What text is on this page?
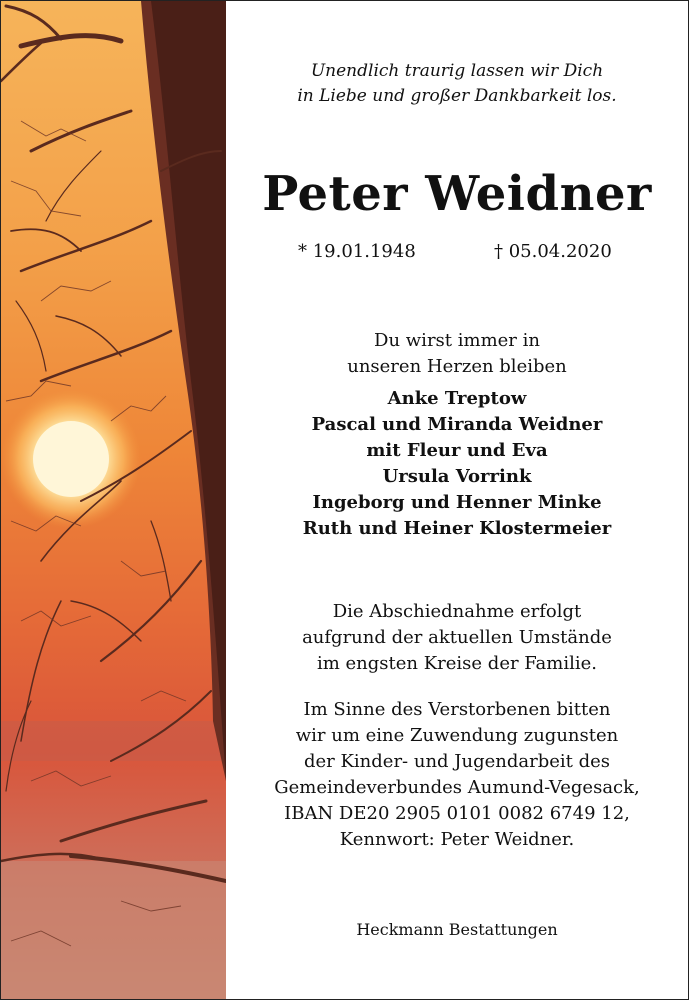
Unendlich traurig lassen wir Dich
in Liebe und großer Dankbarkeit los.
Peter Weidner
* 19.01.1948	† 05.04.2020
Du wirst immer in
unseren Herzen bleiben
Anke Treptow
Pascal und Miranda Weidner
mit Fleur und Eva
Ursula Vorrink
Ingeborg und Henner Minke
Ruth und Heiner Klostermeier
Die Abschiednahme erfolgt
aufgrund der aktuellen Umstände
im engsten Kreise der Familie.
Im Sinne des Verstorbenen bitten
wir um eine Zuwendung zugunsten
der Kinder- und Jugendarbeit des
Gemeindeverbundes Aumund-Vegesack,
IBAN DE20 2905 0101 0082 6749 12,
Kennwort: Peter Weidner.
Heckmann Bestattungen
